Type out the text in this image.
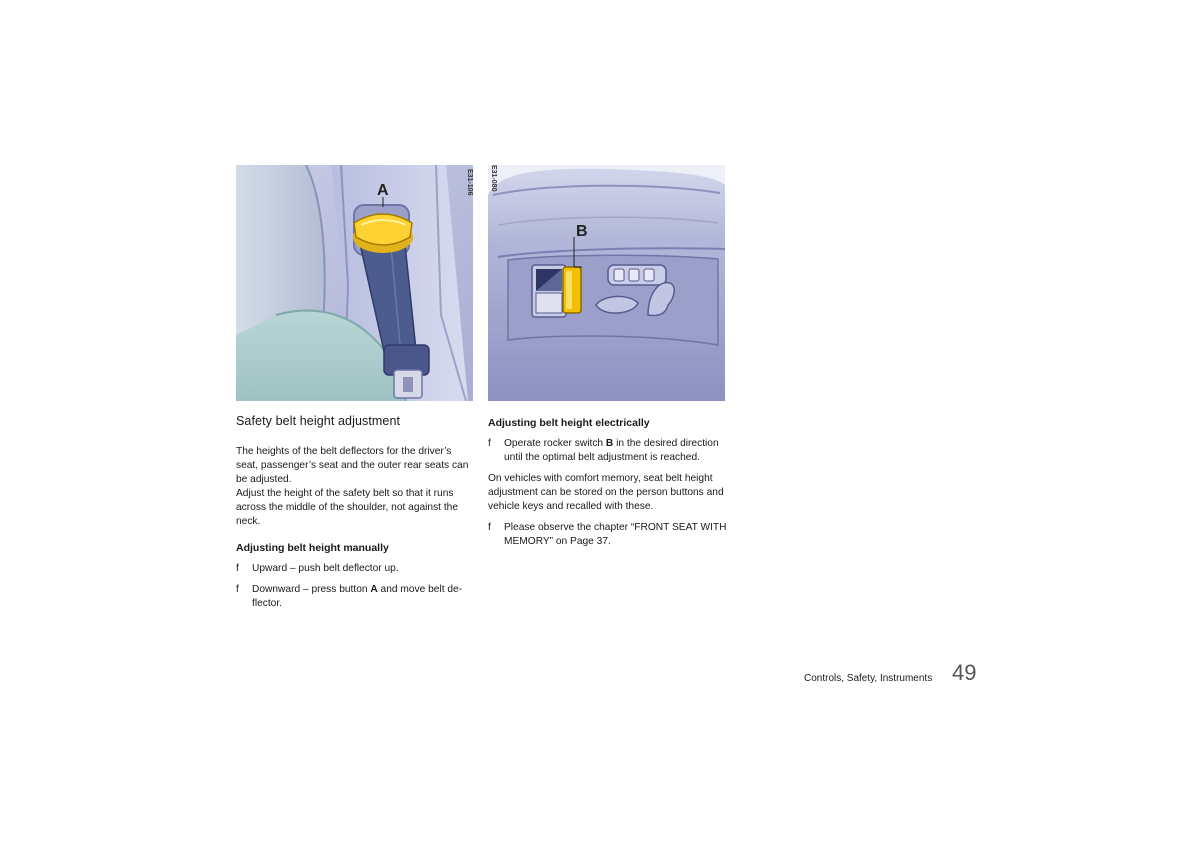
A	E31-106
B
E31-080
Safety belt height adjustment

The heights of the belt deflectors for the driver’s seat, passenger’s seat and the outer rear seats can be adjusted.

Adjust the height of the safety belt so that it runs across the middle of the shoulder, not against the neck.

Adjusting belt height manually

f Upward – push belt deflector up.
f Downward – press button A and move belt de-flector.

Adjusting belt height electrically

f Operate rocker switch B in the desired direction until the optimal belt adjustment is reached.

On vehicles with comfort memory, seat belt height adjustment can be stored on the person buttons and vehicle keys and recalled with these.

f Please observe the chapter “FRONT SEAT WITH MEMORY” on Page 37.
Controls, Safety, Instruments 49
